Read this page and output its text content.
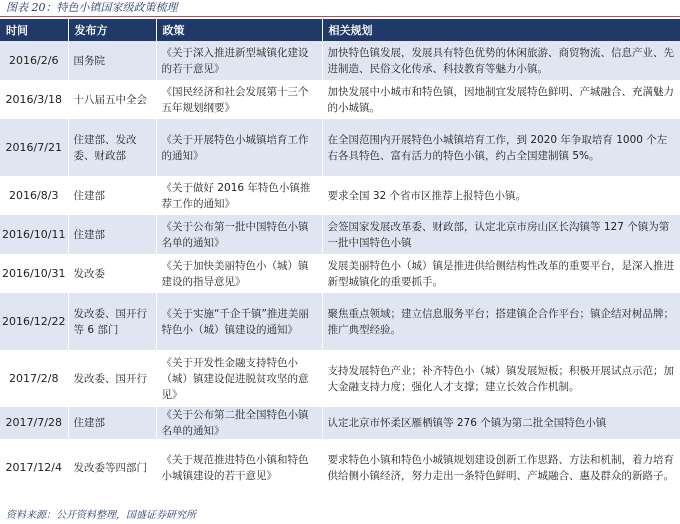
图表 20：特色小镇国家级政策梳理
时间	发布方	政策	相关规划
2016/2/6	国务院	《关于深入推进新型城镇化建设的若干意见》	加快特色镇发展，发展具有特色优势的休闲旅游、商贸物流、信息产业、先进制造、民俗文化传承、科技教育等魅力小镇。
2016/3/18	十八届五中全会	《国民经济和社会发展第十三个五年规划纲要》	加快发展中小城市和特色镇，因地制宜发展特色鲜明、产城融合、充满魅力的小城镇。
2016/7/21	住建部、发改委、财政部	《关于开展特色小城镇培育工作的通知》	在全国范围内开展特色小城镇培育工作，到 2020 年争取培育 1000 个左右各具特色、富有活力的特色小镇，约占全国建制镇 5%。
2016/8/3	住建部	《关于做好 2016 年特色小镇推荐工作的通知》	要求全国 32 个省市区推荐上报特色小镇。
2016/10/11	住建部	《关于公布第一批中国特色小镇名单的通知》	会签国家发展改革委、财政部，认定北京市房山区长沟镇等 127 个镇为第一批中国特色小镇
2016/10/31	发改委	《关于加快美丽特色小（城）镇建设的指导意见》	发展美丽特色小（城）镇是推进供给侧结构性改革的重要平台，是深入推进新型城镇化的重要抓手。
2016/12/22	发改委、国开行等 6 部门	《关于实施“千企千镇”推进美丽特色小（城）镇建设的通知》	聚焦重点领域；建立信息服务平台；搭建镇企合作平台；镇企结对树品牌；推广典型经验。
2017/2/8	发改委、国开行	《关于开发性金融支持特色小（城）镇建设促进脱贫攻坚的意见》	支持发展特色产业；补齐特色小（城）镇发展短板；积极开展试点示范；加大金融支持力度；强化人才支撑；建立长效合作机制。
2017/7/28	住建部	《关于公布第二批全国特色小镇名单的通知》	认定北京市怀柔区雁栖镇等 276 个镇为第二批全国特色小镇
2017/12/4	发改委等四部门	《关于规范推进特色小镇和特色小城镇建设的若干意见》	要求特色小镇和特色小城镇规划建设创新工作思路、方法和机制，着力培育供给侧小镇经济，努力走出一条特色鲜明、产城融合、惠及群众的新路子。
资料来源：公开资料整理，国盛证券研究所
